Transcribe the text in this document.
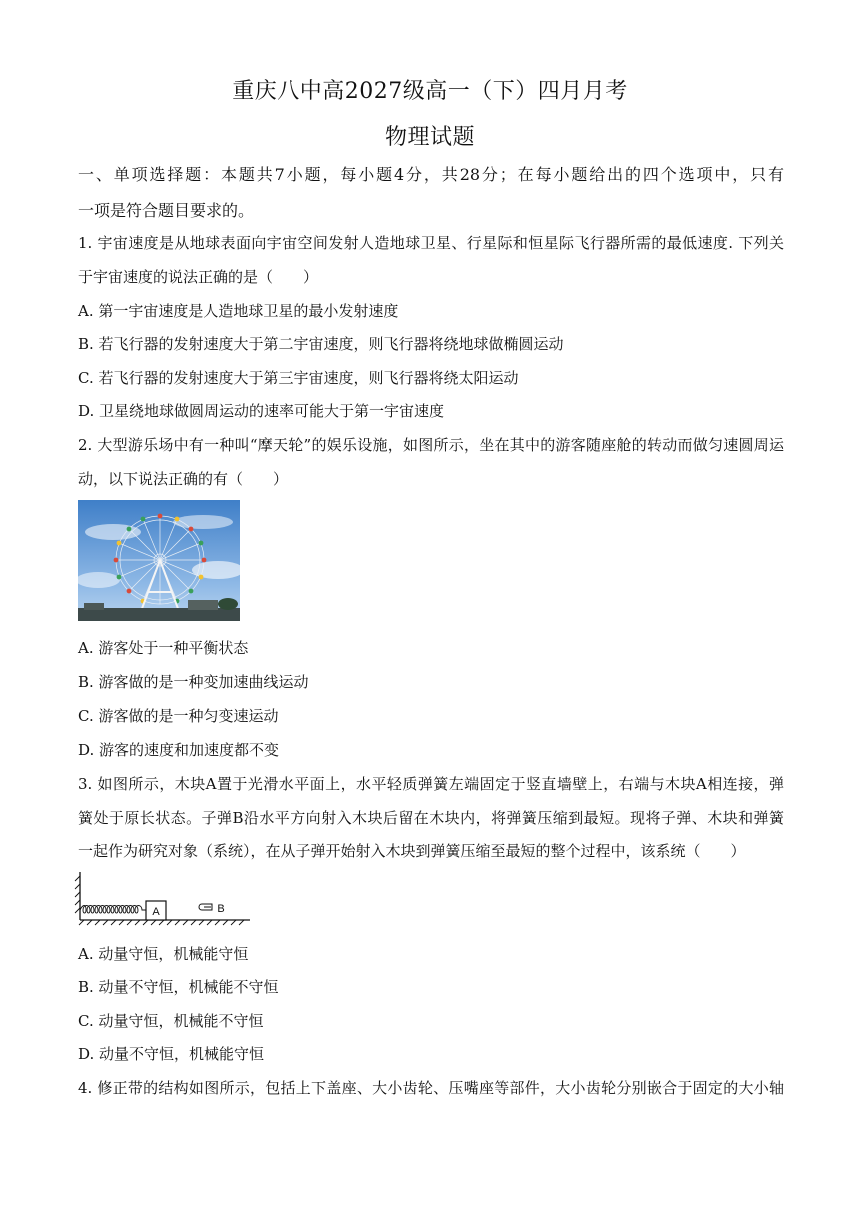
重庆八中高2027级高一（下）四月月考
物理试题
一、单项选择题：本题共7小题，每小题4分，共28分；在每小题给出的四个选项中，只有
一项是符合题目要求的。
1. 宇宙速度是从地球表面向宇宙空间发射人造地球卫星、行星际和恒星际飞行器所需的最低速度. 下列关
于宇宙速度的说法正确的是（　　）
A. 第一宇宙速度是人造地球卫星的最小发射速度
B. 若飞行器的发射速度大于第二宇宙速度，则飞行器将绕地球做椭圆运动
C. 若飞行器的发射速度大于第三宇宙速度，则飞行器将绕太阳运动
D. 卫星绕地球做圆周运动的速率可能大于第一宇宙速度
2. 大型游乐场中有一种叫“摩天轮”的娱乐设施，如图所示，坐在其中的游客随座舱的转动而做匀速圆周运
动，以下说法正确的有（　　）
A. 游客处于一种平衡状态
B. 游客做的是一种变加速曲线运动
C. 游客做的是一种匀变速运动
D. 游客的速度和加速度都不变
3. 如图所示，木块A置于光滑水平面上，水平轻质弹簧左端固定于竖直墙壁上，右端与木块A相连接，弹
簧处于原长状态。子弹B沿水平方向射入木块后留在木块内，将弹簧压缩到最短。现将子弹、木块和弹簧
一起作为研究对象（系统），在从子弹开始射入木块到弹簧压缩至最短的整个过程中，该系统（　　）
A	B
A. 动量守恒，机械能守恒
B. 动量不守恒，机械能不守恒
C. 动量守恒，机械能不守恒
D. 动量不守恒，机械能守恒
4. 修正带的结构如图所示，包括上下盖座、大小齿轮、压嘴座等部件，大小齿轮分别嵌合于固定的大小轴
